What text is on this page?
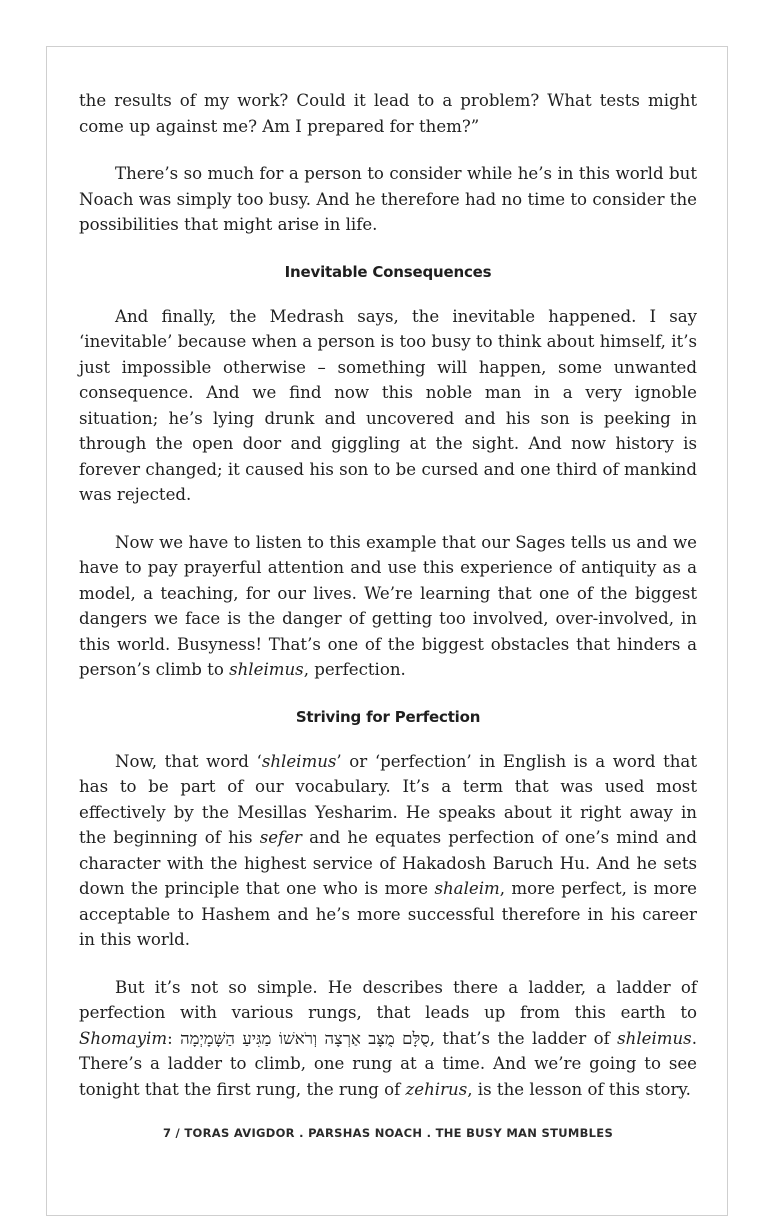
the results of my work? Could it lead to a problem? What tests might come up against me? Am I prepared for them?”

There’s so much for a person to consider while he’s in this world but Noach was simply too busy. And he therefore had no time to consider the possibilities that might arise in life.

Inevitable Consequences

And finally, the Medrash says, the inevitable happened. I say ‘inevitable’ because when a person is too busy to think about himself, it’s just impossible otherwise – something will happen, some unwanted consequence. And we find now this noble man in a very ignoble situation; he’s lying drunk and uncovered and his son is peeking in through the open door and giggling at the sight. And now history is forever changed; it caused his son to be cursed and one third of mankind was rejected.

Now we have to listen to this example that our Sages tells us and we have to pay prayerful attention and use this experience of antiquity as a model, a teaching, for our lives. We’re learning that one of the biggest dangers we face is the danger of getting too involved, over-involved, in this world. Busyness! That’s one of the biggest obstacles that hinders a person’s climb to shleimus, perfection.

Striving for Perfection

Now, that word ‘shleimus’ or ‘perfection’ in English is a word that has to be part of our vocabulary. It’s a term that was used most effectively by the Mesillas Yesharim. He speaks about it right away in the beginning of his sefer and he equates perfection of one’s mind and character with the highest service of Hakadosh Baruch Hu. And he sets down the principle that one who is more shaleim, more perfect, is more acceptable to Hashem and he’s more successful therefore in his career in this world.

But it’s not so simple. He describes there a ladder, a ladder of perfection with various rungs, that leads up from this earth to Shomayim: סֻלָּם מֻצָּב אַרְצָה וְרֹאשׁוֹ מַגִּיעַ הַשָּׁמָיְמָה, that’s the ladder of shleimus. There’s a ladder to climb, one rung at a time. And we’re going to see tonight that the first rung, the rung of zehirus, is the lesson of this story.

7 / TORAS AVIGDOR . PARSHAS NOACH . THE BUSY MAN STUMBLES
